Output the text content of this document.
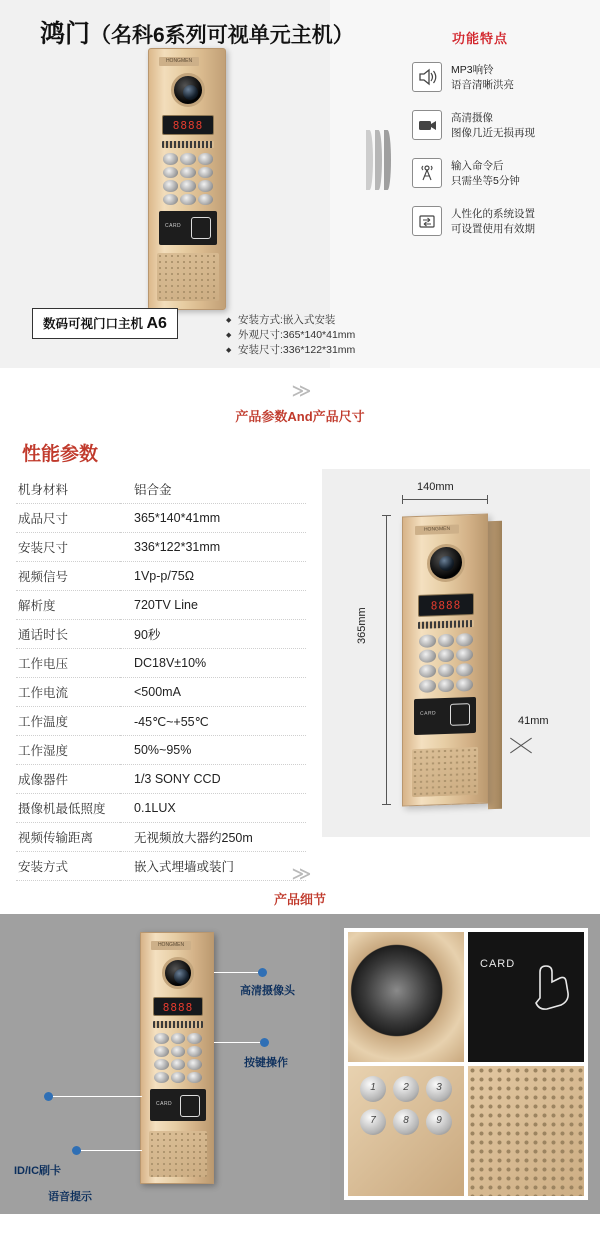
鸿门（名科6系列可视单元主机）
HONGMEN
8888
CARD
数码可视门口主机 A6	◆ 安装方式:嵌入式安装
◆ 外观尺寸:365*140*41mm
◆ 安装尺寸:336*122*31mm
功能特点
MP3响铃
语音清晰洪亮
高清摄像
图像几近无损再现
输入命令后
只需坐等5分钟
人性化的系统设置
可设置使用有效期
≫
产品参数And产品尺寸
性能参数
机身材料	铝合金
成品尺寸	365*140*41mm
安装尺寸	336*122*31mm
视频信号	1Vp-p/75Ω
解析度	720TV Line
通话时长	90秒
工作电压	DC18V±10%
工作电流	<500mA
工作温度	-45℃~+55℃
工作湿度	50%~95%
成像器件	1/3 SONY CCD
摄像机最低照度	0.1LUX
视频传输距离	无视频放大器约250m
安装方式	嵌入式埋墙或装门
140mm
365mm
41mm
HONGMEN
8888
CARD
≫
产品细节
HONGMEN
8888
CARD
高清摄像头
按键操作
ID/IC刷卡
语音提示
CARD
1
2
3
7
8
9
